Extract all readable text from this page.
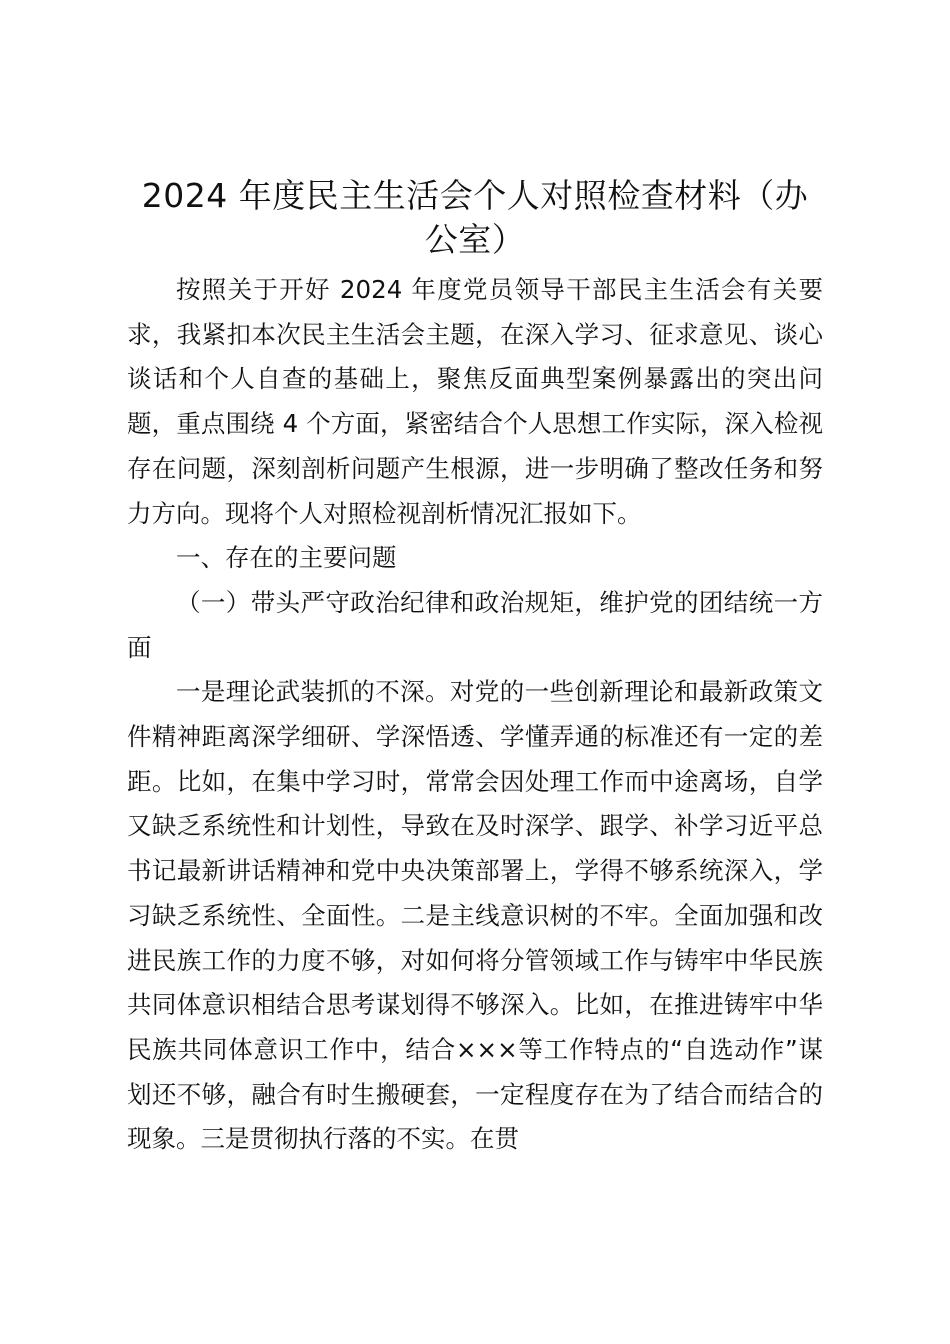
2024 年度民主生活会个人对照检查材料（办公室）

按照关于开好 2024 年度党员领导干部民主生活会有关要求，我紧扣本次民主生活会主题，在深入学习、征求意见、谈心谈话和个人自查的基础上，聚焦反面典型案例暴露出的突出问题，重点围绕 4 个方面，紧密结合个人思想工作实际，深入检视存在问题，深刻剖析问题产生根源，进一步明确了整改任务和努力方向。现将个人对照检视剖析情况汇报如下。

一、存在的主要问题

（一）带头严守政治纪律和政治规矩，维护党的团结统一方面

一是理论武装抓的不深。对党的一些创新理论和最新政策文件精神距离深学细研、学深悟透、学懂弄通的标准还有一定的差距。比如，在集中学习时，常常会因处理工作而中途离场，自学又缺乏系统性和计划性，导致在及时深学、跟学、补学习近平总书记最新讲话精神和党中央决策部署上，学得不够系统深入，学习缺乏系统性、全面性。二是主线意识树的不牢。全面加强和改进民族工作的力度不够，对如何将分管领域工作与铸牢中华民族共同体意识相结合思考谋划得不够深入。比如，在推进铸牢中华民族共同体意识工作中，结合×××等工作特点的“自选动作”谋划还不够，融合有时生搬硬套，一定程度存在为了结合而结合的现象。三是贯彻执行落的不实。在贯
